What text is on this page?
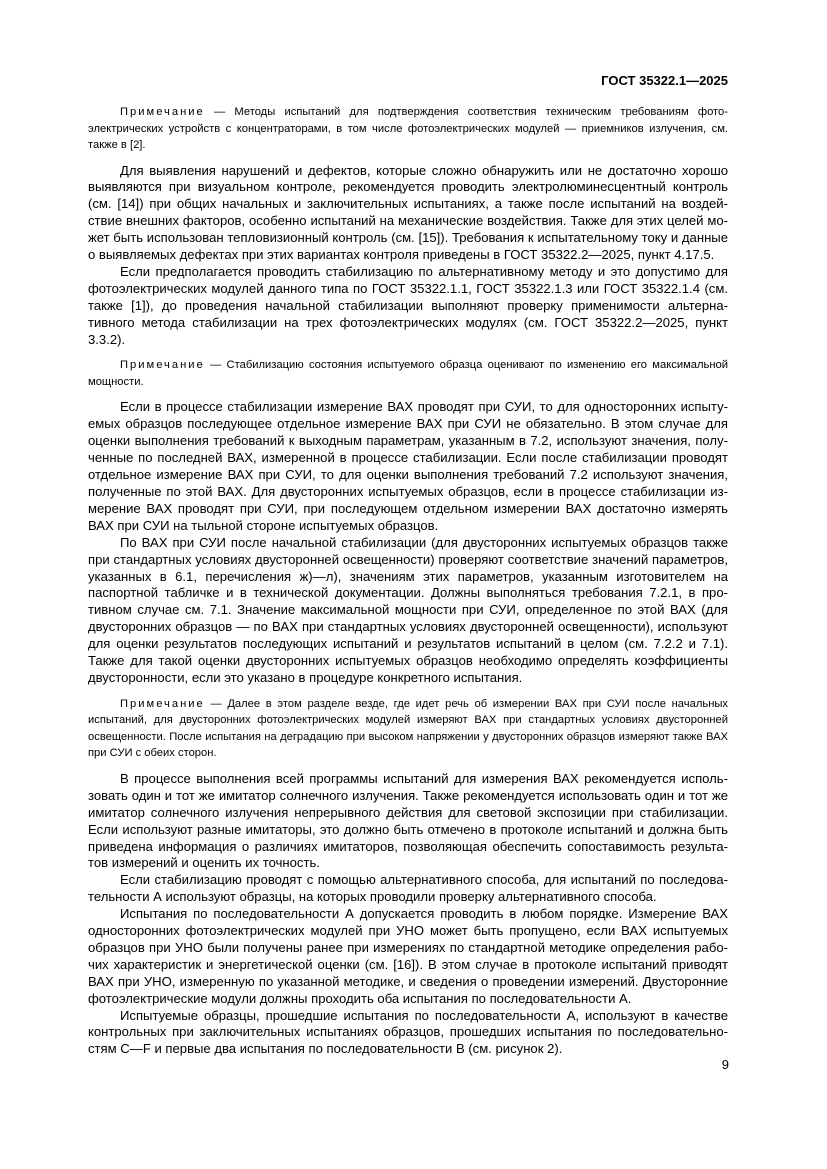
ГОСТ 35322.1—2025

Примечание — Методы испытаний для подтверждения соответствия техническим требованиям фотоэлектрических устройств с концентраторами, в том числе фотоэлектрических модулей — приемников излучения, см. также в [2].

Для выявления нарушений и дефектов, которые сложно обнаружить или не достаточно хорошо выявляются при визуальном контроле, рекомендуется проводить электролюминесцентный контроль (см. [14]) при общих начальных и заключительных испытаниях, а также после испытаний на воздействие внешних факторов, особенно испытаний на механические воздействия. Также для этих целей может быть использован тепловизионный контроль (см. [15]). Требования к испытательному току и данные о выявляемых дефектах при этих вариантах контроля приведены в ГОСТ 35322.2—2025, пункт 4.17.5.

Если предполагается проводить стабилизацию по альтернативному методу и это допустимо для фотоэлектрических модулей данного типа по ГОСТ 35322.1.1, ГОСТ 35322.1.3 или ГОСТ 35322.1.4 (см. также [1]), до проведения начальной стабилизации выполняют проверку применимости альтернативного метода стабилизации на трех фотоэлектрических модулях (см. ГОСТ 35322.2—2025, пункт 3.3.2).

Примечание — Стабилизацию состояния испытуемого образца оценивают по изменению его максимальной мощности.

Если в процессе стабилизации измерение ВАХ проводят при СУИ, то для односторонних испытуемых образцов последующее отдельное измерение ВАХ при СУИ не обязательно. В этом случае для оценки выполнения требований к выходным параметрам, указанным в 7.2, используют значения, полученные по последней ВАХ, измеренной в процессе стабилизации. Если после стабилизации проводят отдельное измерение ВАХ при СУИ, то для оценки выполнения требований 7.2 используют значения, полученные по этой ВАХ. Для двусторонних испытуемых образцов, если в процессе стабилизации измерение ВАХ проводят при СУИ, при последующем отдельном измерении ВАХ достаточно измерять ВАХ при СУИ на тыльной стороне испытуемых образцов.

По ВАХ при СУИ после начальной стабилизации (для двусторонних испытуемых образцов также при стандартных условиях двусторонней освещенности) проверяют соответствие значений параметров, указанных в 6.1, перечисления ж)—л), значениям этих параметров, указанным изготовителем на паспортной табличке и в технической документации. Должны выполняться требования 7.2.1, в противном случае см. 7.1. Значение максимальной мощности при СУИ, определенное по этой ВАХ (для двусторонних образцов — по ВАХ при стандартных условиях двусторонней освещенности), используют для оценки результатов последующих испытаний и результатов испытаний в целом (см. 7.2.2 и 7.1). Также для такой оценки двусторонних испытуемых образцов необходимо определять коэффициенты двусторонности, если это указано в процедуре конкретного испытания.

Примечание — Далее в этом разделе везде, где идет речь об измерении ВАХ при СУИ после начальных испытаний, для двусторонних фотоэлектрических модулей измеряют ВАХ при стандартных условиях двусторонней освещенности. После испытания на деградацию при высоком напряжении у двусторонних образцов измеряют также ВАХ при СУИ с обеих сторон.

В процессе выполнения всей программы испытаний для измерения ВАХ рекомендуется использовать один и тот же имитатор солнечного излучения. Также рекомендуется использовать один и тот же имитатор солнечного излучения непрерывного действия для световой экспозиции при стабилизации. Если используют разные имитаторы, это должно быть отмечено в протоколе испытаний и должна быть приведена информация о различиях имитаторов, позволяющая обеспечить сопоставимость результатов измерений и оценить их точность.

Если стабилизацию проводят с помощью альтернативного способа, для испытаний по последовательности А используют образцы, на которых проводили проверку альтернативного способа.

Испытания по последовательности А допускается проводить в любом порядке. Измерение ВАХ односторонних фотоэлектрических модулей при УНО может быть пропущено, если ВАХ испытуемых образцов при УНО были получены ранее при измерениях по стандартной методике определения рабочих характеристик и энергетической оценки (см. [16]). В этом случае в протоколе испытаний приводят ВАХ при УНО, измеренную по указанной методике, и сведения о проведении измерений. Двусторонние фотоэлектрические модули должны проходить оба испытания по последовательности А.

Испытуемые образцы, прошедшие испытания по последовательности А, используют в качестве контрольных при заключительных испытаниях образцов, прошедших испытания по последовательностям C—F и первые два испытания по последовательности B (см. рисунок 2).

9
